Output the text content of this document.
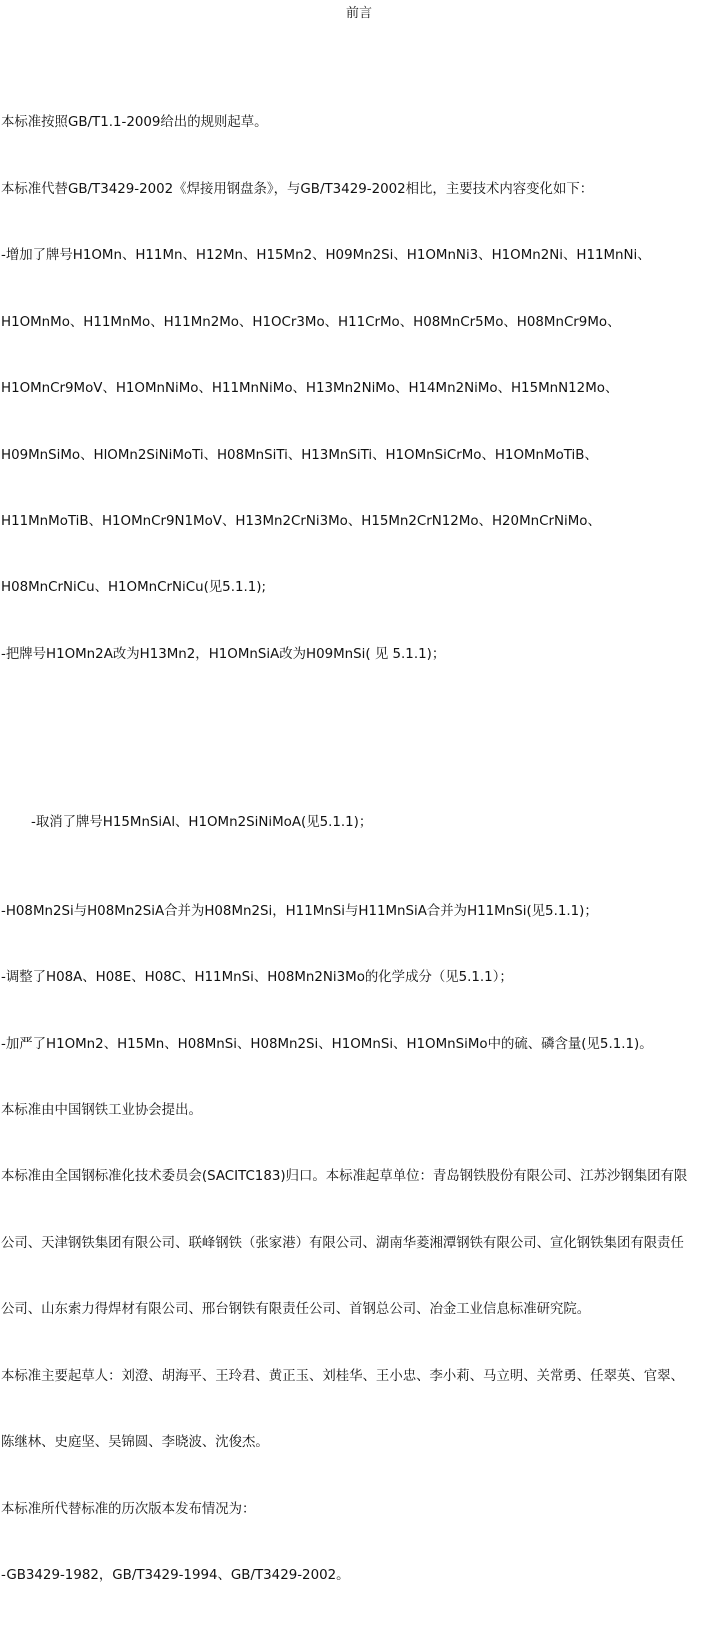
前言

本标准按照GB/T1.1-2009给出的规则起草。

本标准代替GB/T3429-2002《焊接用钢盘条》，与GB/T3429-2002相比，主要技术内容变化如下：

-增加了牌号H1OMn、H11Mn、H12Mn、H15Mn2、H09Mn2Si、H1OMnNi3、H1OMn2Ni、H11MnNi、

H1OMnMo、H11MnMo、H11Mn2Mo、H1OCr3Mo、H11CrMo、H08MnCr5Mo、H08MnCr9Mo、

H1OMnCr9MoV、H1OMnNiMo、H11MnNiMo、H13Mn2NiMo、H14Mn2NiMo、H15MnN12Mo、

H09MnSiMo、HlOMn2SiNiMoTi、H08MnSiTi、H13MnSiTi、H1OMnSiCrMo、H1OMnMoTiB、

H11MnMoTiB、H1OMnCr9N1MoV、H13Mn2CrNi3Mo、H15Mn2CrN12Mo、H20MnCrNiMo、

H08MnCrNiCu、H1OMnCrNiCu(见5.1.1);

-把牌号H1OMn2A改为H13Mn2，H1OMnSiA改为H09MnSi( 见 5.1.1)；

-取消了牌号H15MnSiAl、H1OMn2SiNiMoA(见5.1.1)；

-H08Mn2Si与H08Mn2SiA合并为H08Mn2Si，H11MnSi与H11MnSiA合并为H11MnSi(见5.1.1)；

-调整了H08A、H08E、H08C、H11MnSi、H08Mn2Ni3Mo的化学成分（见5.1.1）；

-加严了H1OMn2、H15Mn、H08MnSi、H08Mn2Si、H1OMnSi、H1OMnSiMo中的硫、磷含量(见5.1.1)。

本标准由中国钢铁工业协会提出。

本标准由全国钢标准化技术委员会(SACITC183)归口。本标准起草单位：青岛钢铁股份有限公司、江苏沙钢集团有限

公司、天津钢铁集团有限公司、联峰钢铁（张家港）有限公司、湖南华菱湘潭钢铁有限公司、宣化钢铁集团有限责任

公司、山东索力得焊材有限公司、邢台钢铁有限责任公司、首钢总公司、冶金工业信息标准研究院。

本标准主要起草人：刘澄、胡海平、王玲君、黄正玉、刘桂华、王小忠、李小莉、马立明、关常勇、任翠英、官翠、

陈继林、史庭坚、吴锦圆、李晓波、沈俊杰。

本标准所代替标准的历次版本发布情况为：

-GB3429-1982，GB/T3429-1994、GB/T3429-2002。
